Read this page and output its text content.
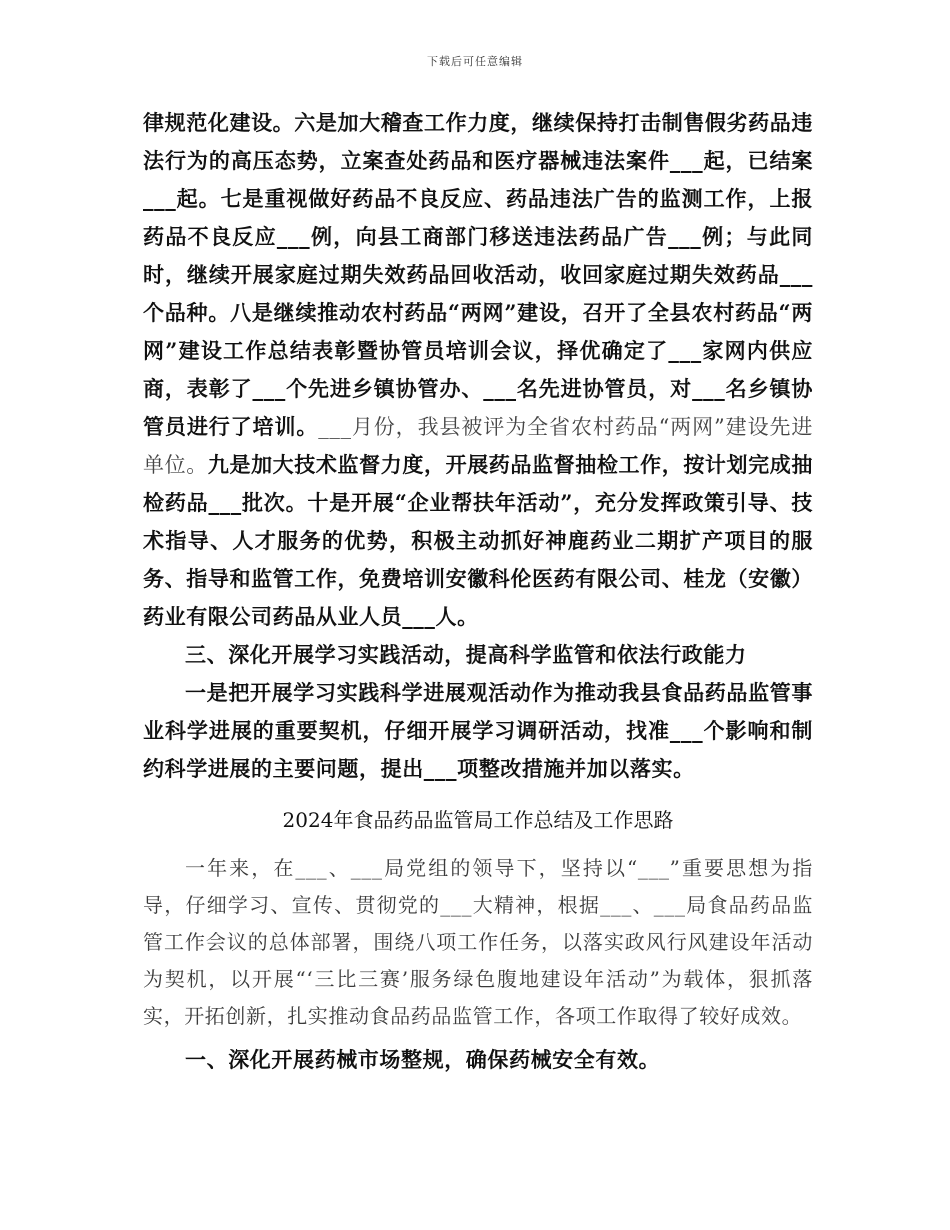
下载后可任意编辑

律规范化建设。六是加大稽查工作力度，继续保持打击制售假劣药品违法行为的高压态势，立案查处药品和医疗器械违法案件___起，已结案___起。七是重视做好药品不良反应、药品违法广告的监测工作，上报药品不良反应___例，向县工商部门移送违法药品广告___例；与此同时，继续开展家庭过期失效药品回收活动，收回家庭过期失效药品___个品种。八是继续推动农村药品“两网”建设，召开了全县农村药品“两网”建设工作总结表彰暨协管员培训会议，择优确定了___家网内供应商，表彰了___个先进乡镇协管办、___名先进协管员，对___名乡镇协管员进行了培训。___月份，我县被评为全省农村药品“两网”建设先进单位。九是加大技术监督力度，开展药品监督抽检工作，按计划完成抽检药品___批次。十是开展“企业帮扶年活动”，充分发挥政策引导、技术指导、人才服务的优势，积极主动抓好神鹿药业二期扩产项目的服务、指导和监管工作，免费培训安徽科伦医药有限公司、桂龙（安徽）药业有限公司药品从业人员___人。

三、深化开展学习实践活动，提高科学监管和依法行政能力

一是把开展学习实践科学进展观活动作为推动我县食品药品监管事业科学进展的重要契机，仔细开展学习调研活动，找准___个影响和制约科学进展的主要问题，提出___项整改措施并加以落实。

2024年食品药品监管局工作总结及工作思路

一年来，在___、___局党组的领导下，坚持以“___”重要思想为指导，仔细学习、宣传、贯彻党的___大精神，根据___、___局食品药品监管工作会议的总体部署，围绕八项工作任务，以落实政风行风建设年活动为契机，以开展“‘三比三赛’服务绿色腹地建设年活动”为载体，狠抓落实，开拓创新，扎实推动食品药品监管工作，各项工作取得了较好成效。

一、深化开展药械市场整规，确保药械安全有效。
